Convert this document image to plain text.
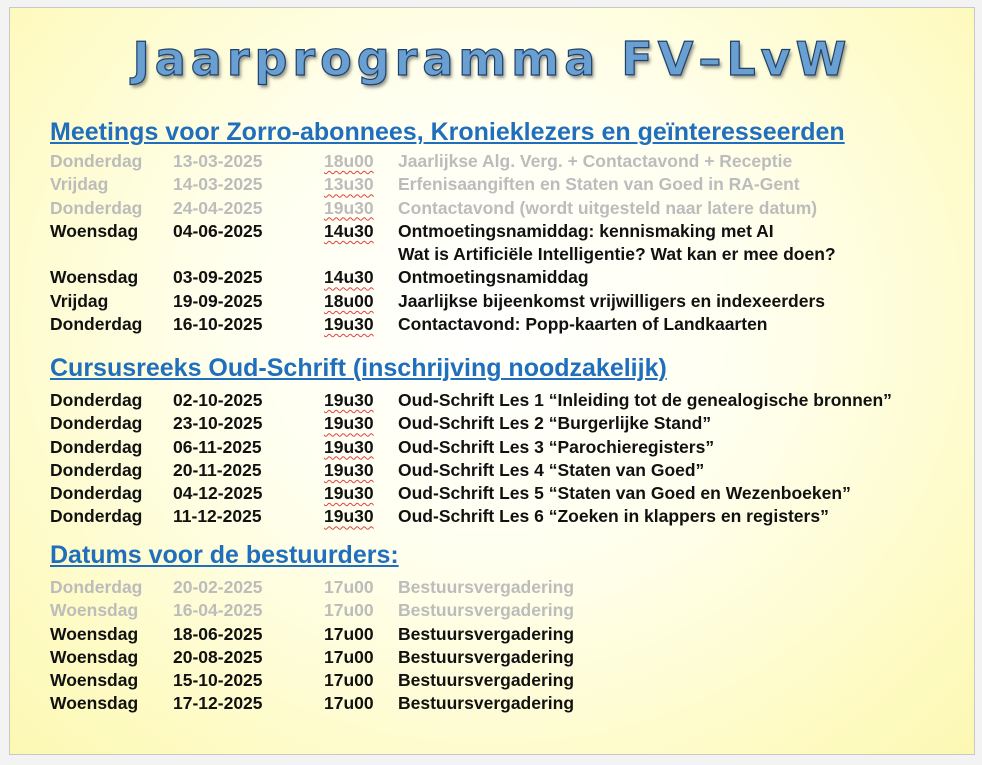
Jaarprogramma FV–LvW
Meetings voor Zorro-abonnees, Kronieklezers en geïnteresseerden
Donderdag	13-03-2025	18u00	Jaarlijkse Alg. Verg. + Contactavond + Receptie
Vrijdag	14-03-2025	13u30	Erfenisaangiften en Staten van Goed in RA-Gent
Donderdag	24-04-2025	19u30	Contactavond (wordt uitgesteld naar latere datum)
Woensdag	04-06-2025	14u30	Ontmoetingsnamiddag: kennismaking met AI
Wat is Artificiële Intelligentie? Wat kan er mee doen?
Woensdag	03-09-2025	14u30	Ontmoetingsnamiddag
Vrijdag	19-09-2025	18u00	Jaarlijkse bijeenkomst vrijwilligers en indexeerders
Donderdag	16-10-2025	19u30	Contactavond: Popp-kaarten of Landkaarten
Cursusreeks Oud-Schrift (inschrijving noodzakelijk)
Donderdag	02-10-2025	19u30	Oud-Schrift Les 1 “Inleiding tot de genealogische bronnen”
Donderdag	23-10-2025	19u30	Oud-Schrift Les 2 “Burgerlijke Stand”
Donderdag	06-11-2025	19u30	Oud-Schrift Les 3 “Parochieregisters”
Donderdag	20-11-2025	19u30	Oud-Schrift Les 4 “Staten van Goed”
Donderdag	04-12-2025	19u30	Oud-Schrift Les 5 “Staten van Goed en Wezenboeken”
Donderdag	11-12-2025	19u30	Oud-Schrift Les 6 “Zoeken in klappers en registers”
Datums voor de bestuurders:
Donderdag	20-02-2025	17u00	Bestuursvergadering
Woensdag	16-04-2025	17u00	Bestuursvergadering
Woensdag	18-06-2025	17u00	Bestuursvergadering
Woensdag	20-08-2025	17u00	Bestuursvergadering
Woensdag	15-10-2025	17u00	Bestuursvergadering
Woensdag	17-12-2025	17u00	Bestuursvergadering
